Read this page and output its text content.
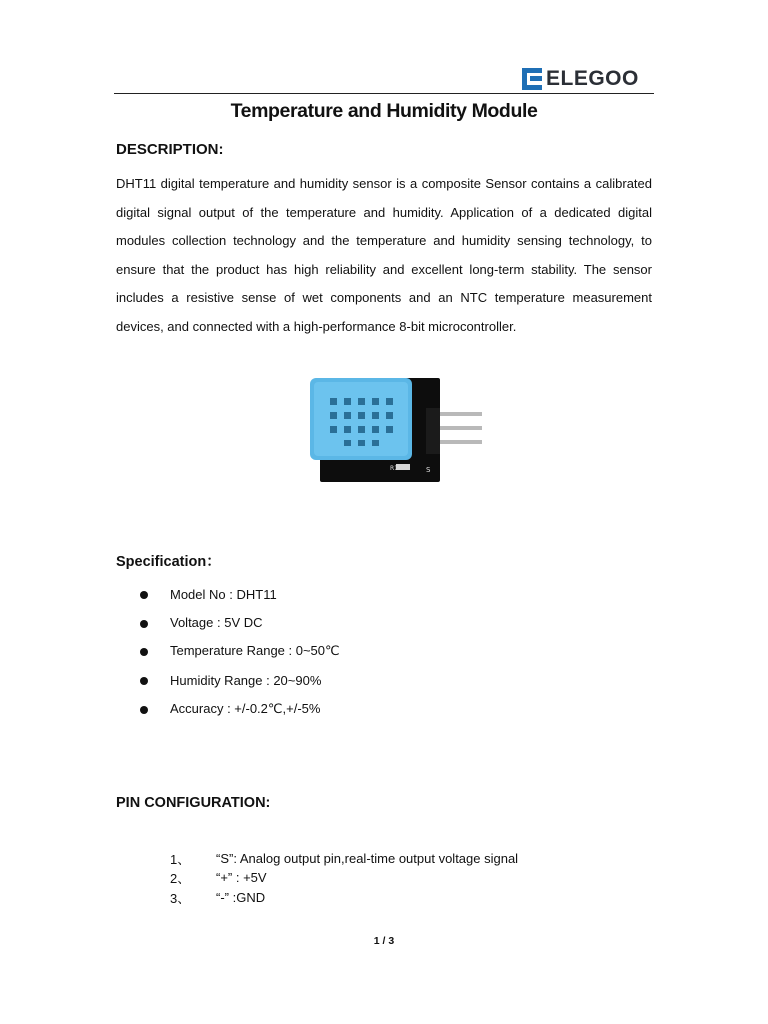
ELEGOO
Temperature and Humidity Module
DESCRIPTION:
DHT11 digital temperature and humidity sensor is a composite Sensor contains a calibrated digital signal output of the temperature and humidity. Application of a dedicated digital modules collection technology and the temperature and humidity sensing technology, to ensure that the product has high reliability and excellent long-term stability. The sensor includes a resistive sense of wet components and an NTC temperature measurement devices, and connected with a high-performance 8-bit microcontroller.
R1	S
Specification：
Model No : DHT11
Voltage : 5V DC
Temperature Range : 0~50℃
Humidity Range : 20~90%
Accuracy : +/-0.2℃,+/-5%
PIN CONFIGURATION:
1、	“S”: Analog output pin,real-time output voltage signal
2、	“+” : +5V
3、	“-” :GND
1 / 3
